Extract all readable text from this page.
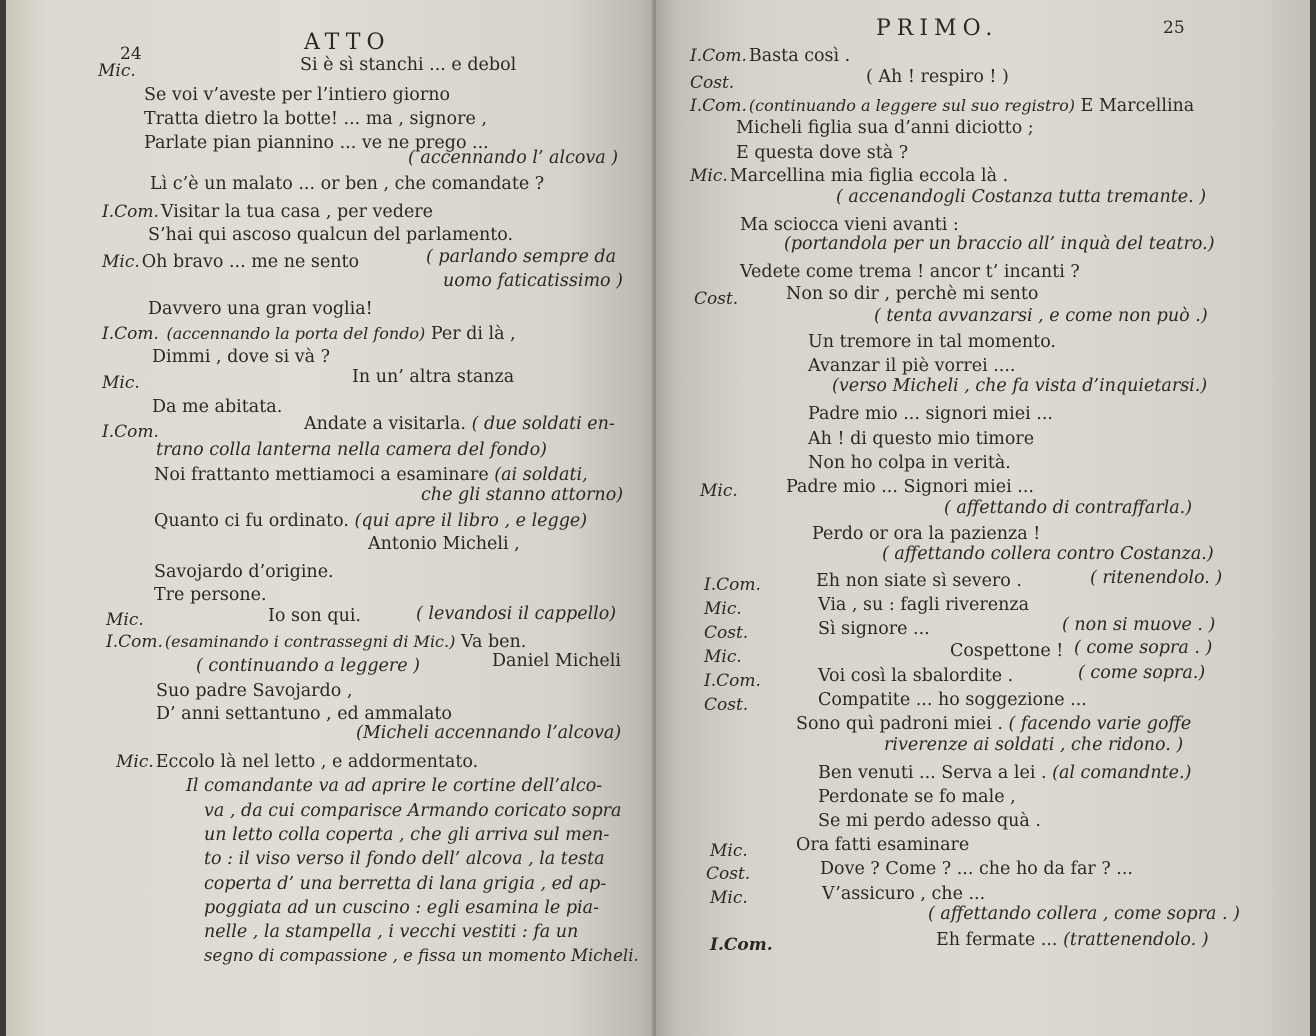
24	ATTO
Mic.	Si è sì stanchi ... e debol
Se voi v’aveste per l’intiero giorno
Tratta dietro la botte! ... ma , signore ,
Parlate pian piannino ... ve ne prego ...
( accennando l’ alcova )
Lì c’è un malato ... or ben , che comandate ?
I.Com. Visitar la tua casa , per vedere
S’hai qui ascoso qualcun del parlamento.
Mic. Oh bravo ... me ne sento	( parlando sempre da
uomo faticatissimo )
Davvero una gran voglia!
I.Com. (accennando la porta del fondo) Per di là ,
Dimmi , dove si và ?
Mic.	In un’ altra stanza
Da me abitata.
I.Com.	Andate a visitarla. ( due soldati en-
trano colla lanterna nella camera del fondo)
Noi frattanto mettiamoci a esaminare (ai soldati,
che gli stanno attorno)
Quanto ci fu ordinato. (qui apre il libro , e legge)
Antonio Micheli ,
Savojardo d’origine.
Tre persone.
Mic.	Io son qui.	( levandosi il cappello)
I.Com. (esaminando i contrassegni di Mic.) Va ben.
( continuando a leggere )	Daniel Micheli
Suo padre Savojardo ,
D’ anni settantuno , ed ammalato
(Micheli accennando l’alcova)
Mic. Eccolo là nel letto , e addormentato.
Il comandante va ad aprire le cortine dell’alco-
va , da cui comparisce Armando coricato sopra
un letto colla coperta , che gli arriva sul men-
to : il viso verso il fondo dell’ alcova , la testa
coperta d’ una berretta di lana grigia , ed ap-
poggiata ad un cuscino : egli esamina le pia-
nelle , la stampella , i vecchi vestiti : fa un
segno di compassione , e fissa un momento Micheli.
PRIMO.	25
I.Com. Basta così .
Cost.	( Ah ! respiro ! )
I.Com. (continuando a leggere sul suo registro) E Marcellina
Micheli figlia sua d’anni diciotto ;
E questa dove stà ?
Mic. Marcellina mia figlia eccola là .
( accenandogli Costanza tutta tremante. )
Ma sciocca vieni avanti :
(portandola per un braccio all’ inquà del teatro.)
Vedete come trema ! ancor t’ incanti ?
Cost.	Non so dir , perchè mi sento
( tenta avvanzarsi , e come non può .)
Un tremore in tal momento.
Avanzar il piè vorrei ....
(verso Micheli , che fa vista d’inquietarsi.)
Padre mio ... signori miei ...
Ah ! di questo mio timore
Non ho colpa in verità.
Mic.	Padre mio ... Signori miei ...
( affettando di contraffarla.)
Perdo or ora la pazienza !
( affettando collera contro Costanza.)
I.Com.	Eh non siate sì severo .	( ritenendolo. )
Mic.	Via , su : fagli riverenza
Cost.	Sì signore ...	( non si muove . )
Mic.	Cospettone ! ( come sopra . )
I.Com.	Voi così la sbalordite .	( come sopra.)
Cost.	Compatite ... ho soggezione ...
Sono quì padroni miei . ( facendo varie goffe
riverenze ai soldati , che ridono. )
Ben venuti ... Serva a lei . (al comandnte.)
Perdonate se fo male ,
Se mi perdo adesso quà .
Mic.	Ora fatti esaminare
Cost.	Dove ? Come ? ... che ho da far ? ...
Mic.	V’assicuro , che ...
( affettando collera , come sopra . )
I.Com.	Eh fermate ... (trattenendolo. )
